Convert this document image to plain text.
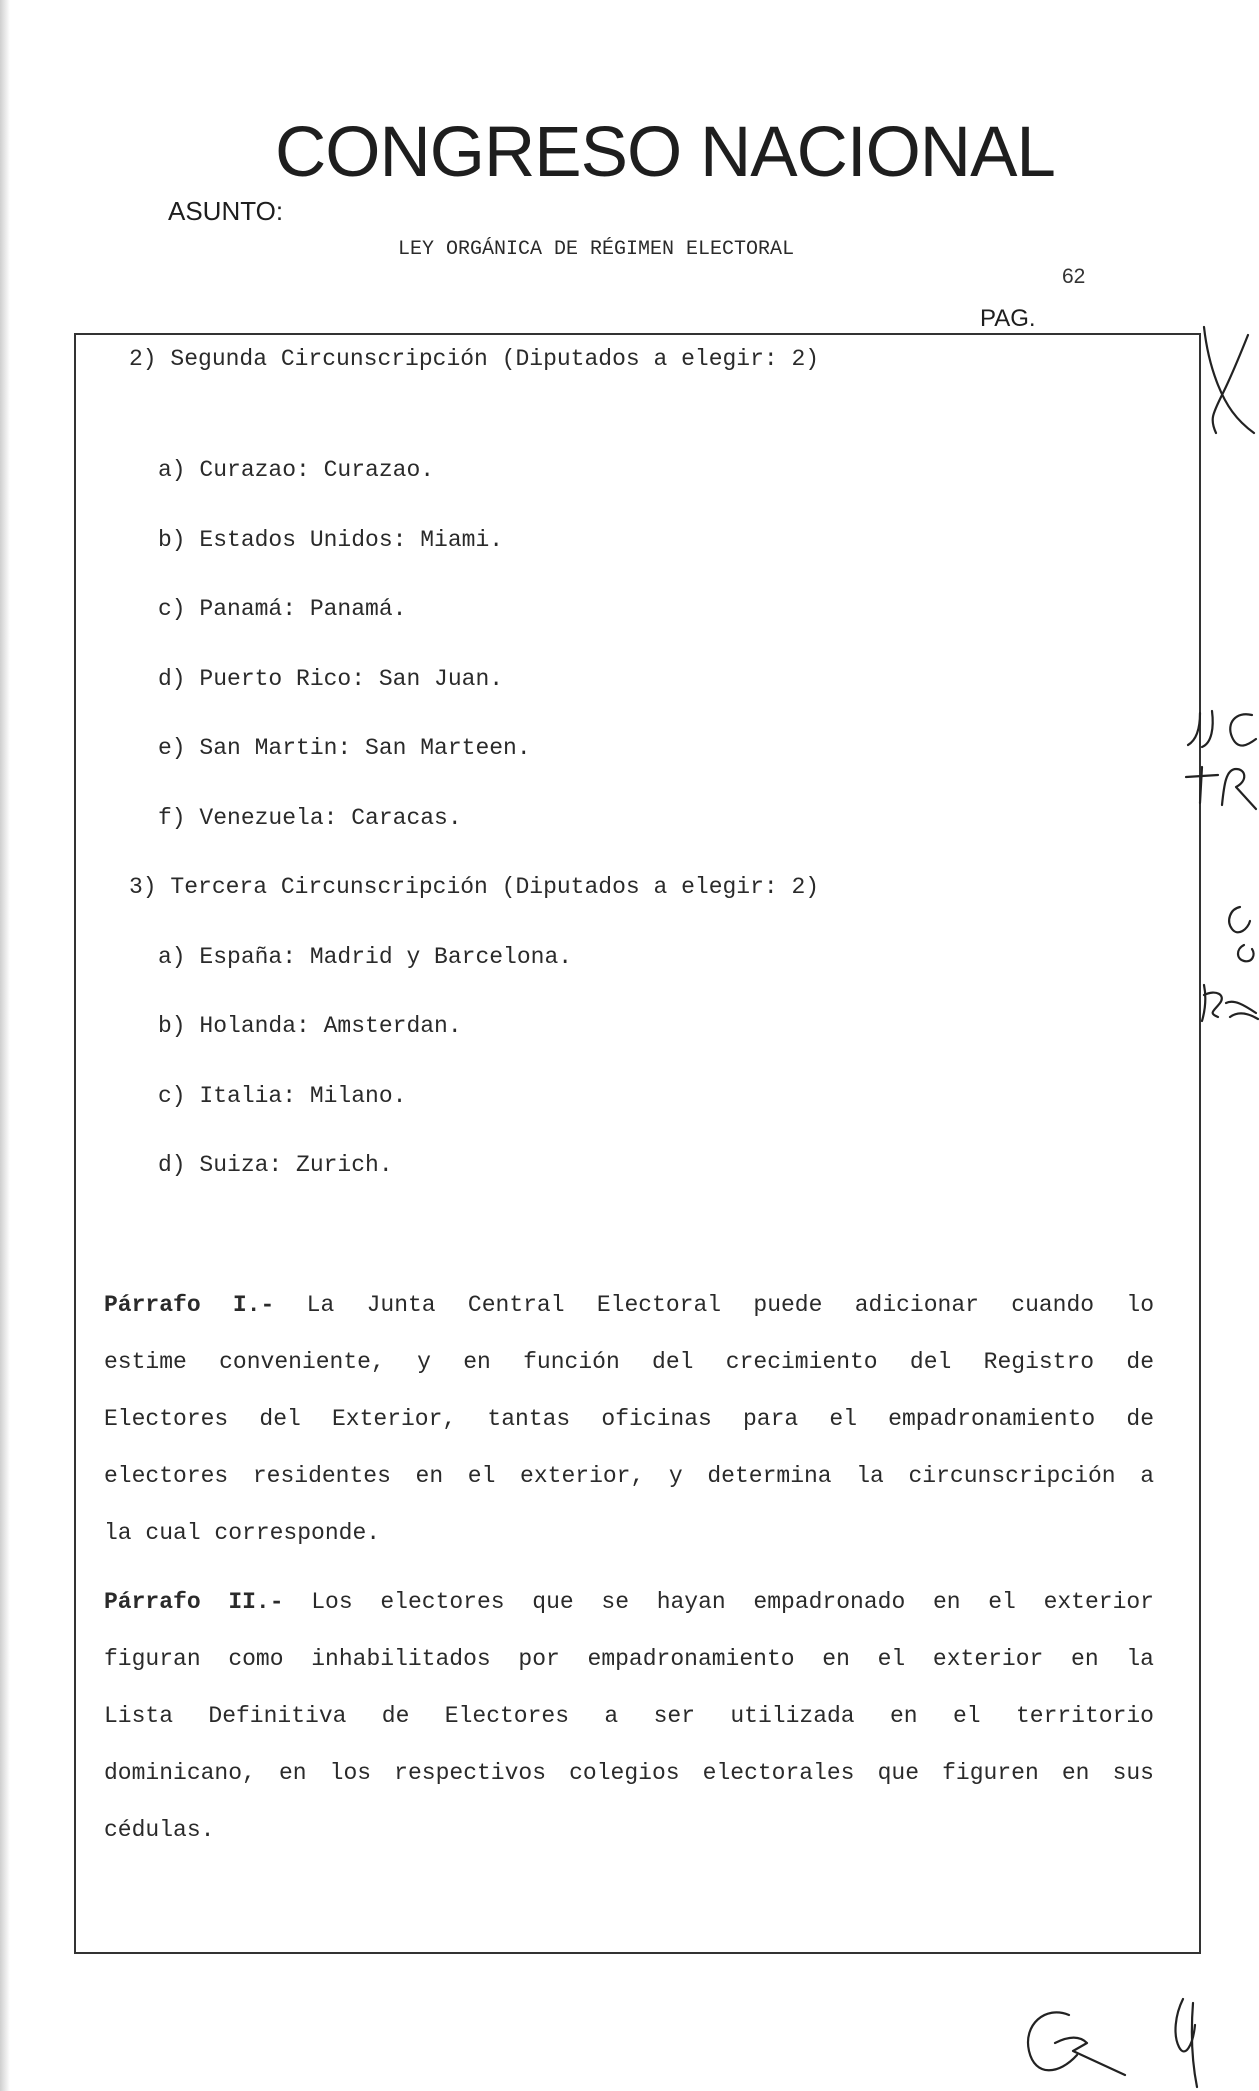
CONGRESO NACIONAL
ASUNTO:
LEY ORGÁNICA DE RÉGIMEN ELECTORAL
62
PAG.
2) Segunda Circunscripción (Diputados a elegir: 2)
a) Curazao: Curazao.
b) Estados Unidos: Miami.
c) Panamá: Panamá.
d) Puerto Rico: San Juan.
e) San Martin: San Marteen.
f) Venezuela: Caracas.
3) Tercera Circunscripción (Diputados a elegir: 2)
a) España: Madrid y Barcelona.
b) Holanda: Amsterdan.
c) Italia: Milano.
d) Suiza: Zurich.
Párrafo I.- La Junta Central Electoral puede adicionar cuando lo
estime conveniente, y en función del crecimiento del Registro de
Electores del Exterior, tantas oficinas para el empadronamiento de
electores residentes en el exterior, y determina la circunscripción a
la cual corresponde.
Párrafo II.- Los electores que se hayan empadronado en el exterior
figuran como inhabilitados por empadronamiento en el exterior en la
Lista Definitiva de Electores a ser utilizada en el territorio
dominicano, en los respectivos colegios electorales que figuren en sus
cédulas.
